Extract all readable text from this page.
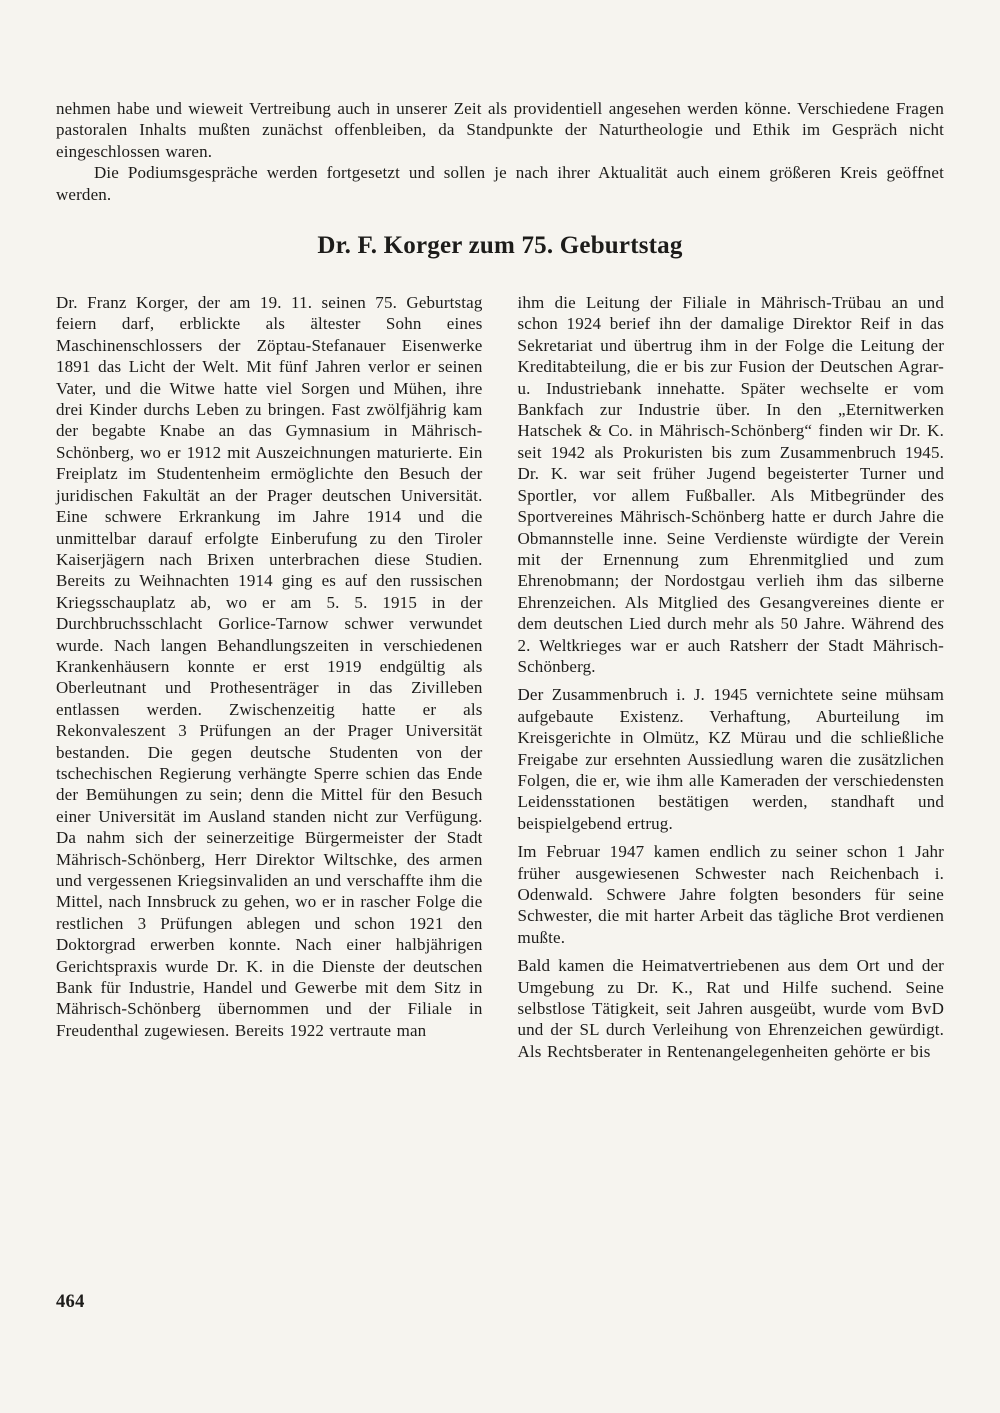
nehmen habe und wieweit Vertreibung auch in unserer Zeit als providentiell angesehen werden könne. Verschiedene Fragen pastoralen Inhalts mußten zunächst offenbleiben, da Standpunkte der Naturtheologie und Ethik im Gespräch nicht eingeschlossen waren.

Die Podiumsgespräche werden fortgesetzt und sollen je nach ihrer Aktualität auch einem größeren Kreis geöffnet werden.

Dr. F. Korger zum 75. Geburtstag

Dr. Franz Korger, der am 19. 11. seinen 75. Geburtstag feiern darf, erblickte als ältester Sohn eines Maschinenschlossers der Zöptau-Stefanauer Eisenwerke 1891 das Licht der Welt. Mit fünf Jahren verlor er seinen Vater, und die Witwe hatte viel Sorgen und Mühen, ihre drei Kinder durchs Leben zu bringen. Fast zwölfjährig kam der begabte Knabe an das Gymnasium in Mährisch-Schönberg, wo er 1912 mit Auszeichnungen maturierte. Ein Freiplatz im Studentenheim ermöglichte den Besuch der juridischen Fakultät an der Prager deutschen Universität. Eine schwere Erkrankung im Jahre 1914 und die unmittelbar darauf erfolgte Einberufung zu den Tiroler Kaiserjägern nach Brixen unterbrachen diese Studien. Bereits zu Weihnachten 1914 ging es auf den russischen Kriegsschauplatz ab, wo er am 5. 5. 1915 in der Durchbruchsschlacht Gorlice-Tarnow schwer verwundet wurde. Nach langen Behandlungszeiten in verschiedenen Krankenhäusern konnte er erst 1919 endgültig als Oberleutnant und Prothesenträger in das Zivilleben entlassen werden. Zwischenzeitig hatte er als Rekonvaleszent 3 Prüfungen an der Prager Universität bestanden. Die gegen deutsche Studenten von der tschechischen Regierung verhängte Sperre schien das Ende der Bemühungen zu sein; denn die Mittel für den Besuch einer Universität im Ausland standen nicht zur Verfügung. Da nahm sich der seinerzeitige Bürgermeister der Stadt Mährisch-Schönberg, Herr Direktor Wiltschke, des armen und vergessenen Kriegsinvaliden an und verschaffte ihm die Mittel, nach Innsbruck zu gehen, wo er in rascher Folge die restlichen 3 Prüfungen ablegen und schon 1921 den Doktorgrad erwerben konnte. Nach einer halbjährigen Gerichtspraxis wurde Dr. K. in die Dienste der deutschen Bank für Industrie, Handel und Gewerbe mit dem Sitz in Mährisch-Schönberg übernommen und der Filiale in Freudenthal zugewiesen. Bereits 1922 vertraute man

ihm die Leitung der Filiale in Mährisch-Trübau an und schon 1924 berief ihn der damalige Direktor Reif in das Sekretariat und übertrug ihm in der Folge die Leitung der Kreditabteilung, die er bis zur Fusion der Deutschen Agrar- u. Industriebank innehatte. Später wechselte er vom Bankfach zur Industrie über. In den „Eternitwerken Hatschek & Co. in Mährisch-Schönberg“ finden wir Dr. K. seit 1942 als Prokuristen bis zum Zusammenbruch 1945. Dr. K. war seit früher Jugend begeisterter Turner und Sportler, vor allem Fußballer. Als Mitbegründer des Sportvereines Mährisch-Schönberg hatte er durch Jahre die Obmannstelle inne. Seine Verdienste würdigte der Verein mit der Ernennung zum Ehrenmitglied und zum Ehrenobmann; der Nordostgau verlieh ihm das silberne Ehrenzeichen. Als Mitglied des Gesangvereines diente er dem deutschen Lied durch mehr als 50 Jahre. Während des 2. Weltkrieges war er auch Ratsherr der Stadt Mährisch-Schönberg.

Der Zusammenbruch i. J. 1945 vernichtete seine mühsam aufgebaute Existenz. Verhaftung, Aburteilung im Kreisgerichte in Olmütz, KZ Mürau und die schließliche Freigabe zur ersehnten Aussiedlung waren die zusätzlichen Folgen, die er, wie ihm alle Kameraden der verschiedensten Leidensstationen bestätigen werden, standhaft und beispielgebend ertrug.

Im Februar 1947 kamen endlich zu seiner schon 1 Jahr früher ausgewiesenen Schwester nach Reichenbach i. Odenwald. Schwere Jahre folgten besonders für seine Schwester, die mit harter Arbeit das tägliche Brot verdienen mußte.

Bald kamen die Heimatvertriebenen aus dem Ort und der Umgebung zu Dr. K., Rat und Hilfe suchend. Seine selbstlose Tätigkeit, seit Jahren ausgeübt, wurde vom BvD und der SL durch Verleihung von Ehrenzeichen gewürdigt. Als Rechtsberater in Rentenangelegenheiten gehörte er bis

464
